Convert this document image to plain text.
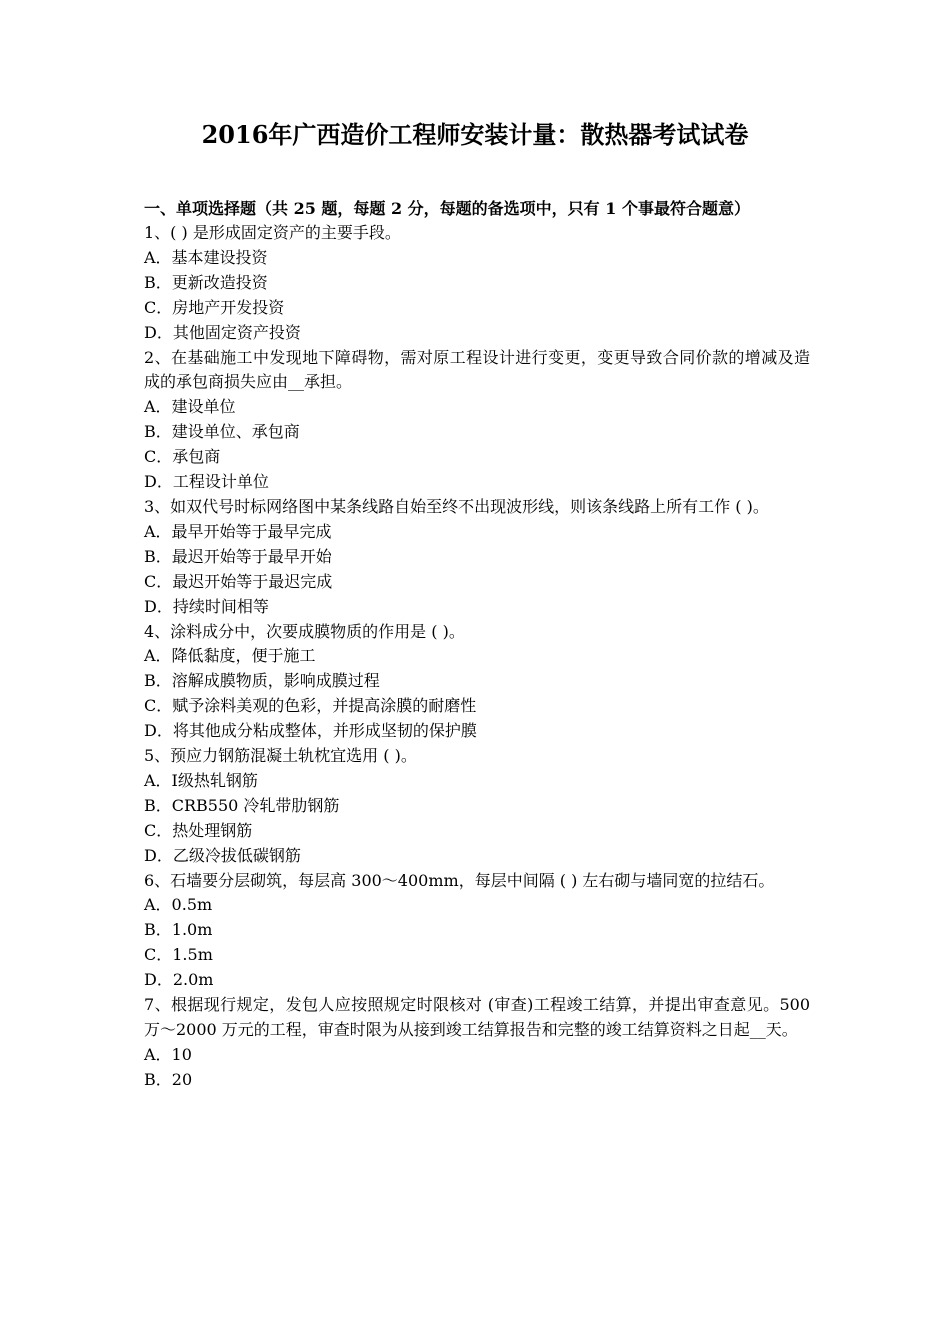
2016年广西造价工程师安装计量：散热器考试试卷
一、单项选择题（共 25 题，每题 2 分，每题的备选项中，只有 1 个事最符合题意）
1、( ) 是形成固定资产的主要手段。
A．基本建设投资
B．更新改造投资
C．房地产开发投资
D．其他固定资产投资
2、在基础施工中发现地下障碍物，需对原工程设计进行变更，变更导致合同价款的增减及造成的承包商损失应由__承担。
A．建设单位
B．建设单位、承包商
C．承包商
D．工程设计单位
3、如双代号时标网络图中某条线路自始至终不出现波形线，则该条线路上所有工作 ( )。
A．最早开始等于最早完成
B．最迟开始等于最早开始
C．最迟开始等于最迟完成
D．持续时间相等
4、涂料成分中，次要成膜物质的作用是 ( )。
A．降低黏度，便于施工
B．溶解成膜物质，影响成膜过程
C．赋予涂料美观的色彩，并提高涂膜的耐磨性
D．将其他成分粘成整体，并形成坚韧的保护膜
5、预应力钢筋混凝土轨枕宜选用 ( )。
A．Ⅰ级热轧钢筋
B．CRB550 冷轧带肋钢筋
C．热处理钢筋
D．乙级冷拔低碳钢筋
6、石墙要分层砌筑，每层高 300～400mm，每层中间隔 ( ) 左右砌与墙同宽的拉结石。
A．0.5m
B．1.0m
C．1.5m
D．2.0m
7、根据现行规定，发包人应按照规定时限核对 (审查)工程竣工结算，并提出审查意见。500 万～2000 万元的工程，审查时限为从接到竣工结算报告和完整的竣工结算资料之日起__天。
A．10
B．20
